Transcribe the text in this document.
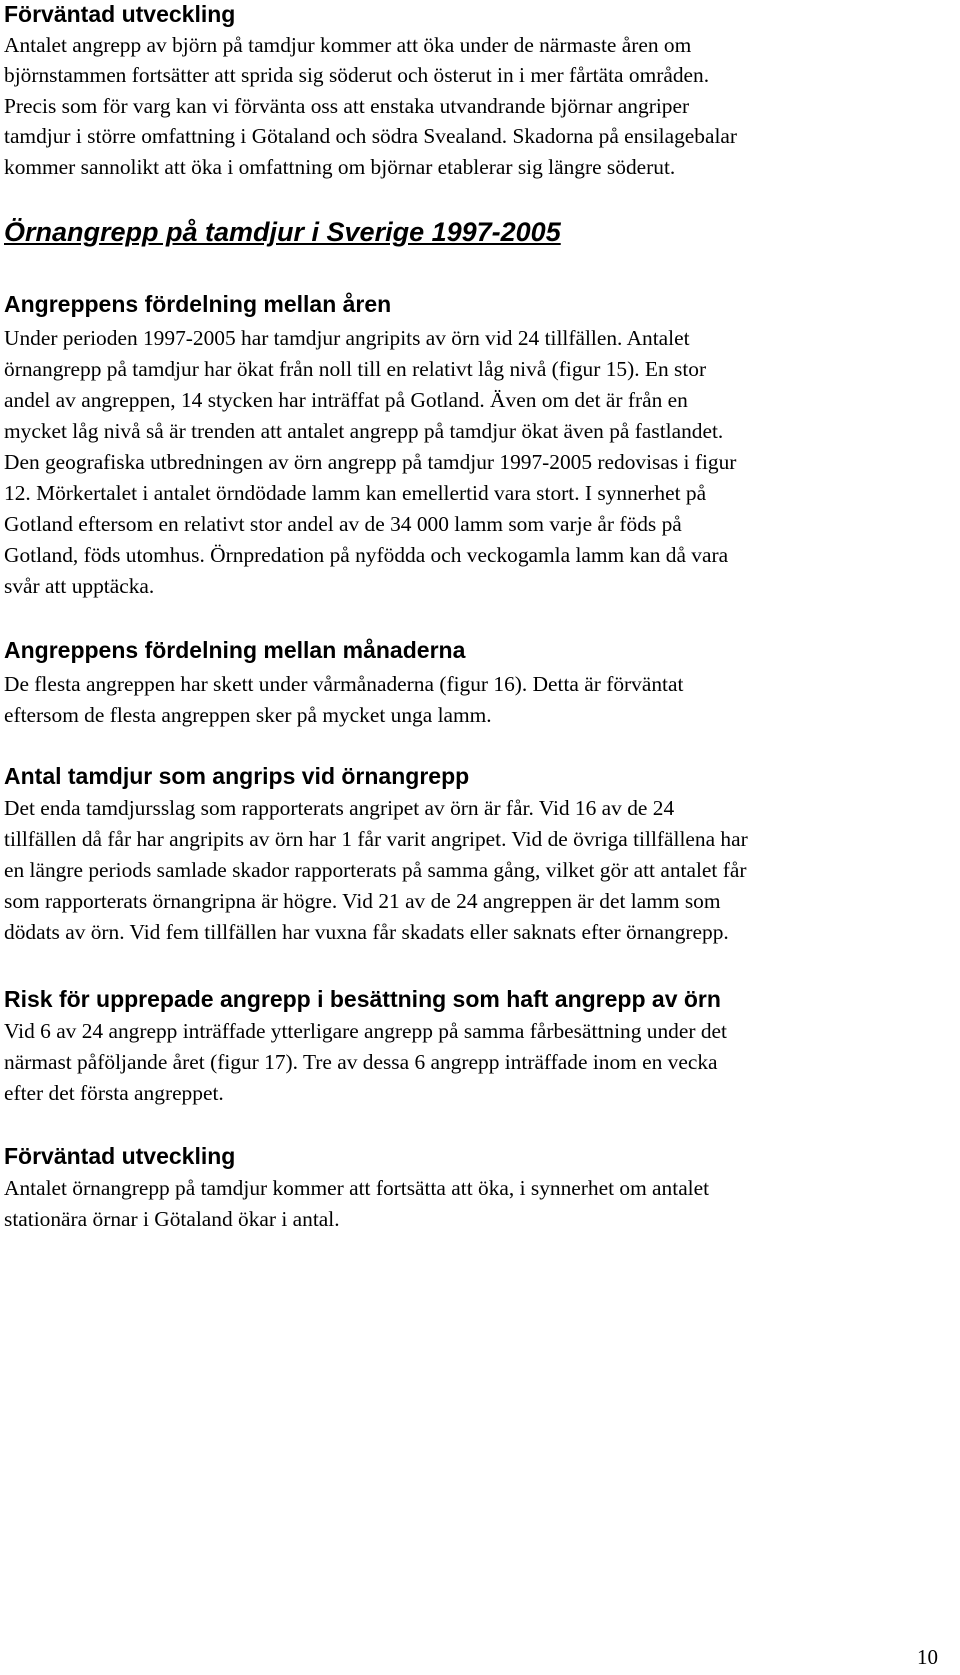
Förväntad utveckling
Antalet angrepp av björn på tamdjur kommer att öka under de närmaste åren om
björnstammen fortsätter att sprida sig söderut och österut in i mer fårtäta områden.
Precis som för varg kan vi förvänta oss att enstaka utvandrande björnar angriper
tamdjur i större omfattning i Götaland och södra Svealand. Skadorna på ensilagebalar
kommer sannolikt att öka i omfattning om björnar etablerar sig längre söderut.
Örnangrepp på tamdjur i Sverige 1997-2005
Angreppens fördelning mellan åren
Under perioden 1997-2005 har tamdjur angripits av örn vid 24 tillfällen. Antalet
örnangrepp på tamdjur har ökat från noll till en relativt låg nivå (figur 15). En stor
andel av angreppen, 14 stycken har inträffat på Gotland. Även om det är från en
mycket låg nivå så är trenden att antalet angrepp på tamdjur ökat även på fastlandet.
Den geografiska utbredningen av örn angrepp på tamdjur 1997-2005 redovisas i figur
12. Mörkertalet i antalet örndödade lamm kan emellertid vara stort. I synnerhet på
Gotland eftersom en relativt stor andel av de 34 000 lamm som varje år föds på
Gotland, föds utomhus. Örnpredation på nyfödda och veckogamla lamm kan då vara
svår att upptäcka.
Angreppens fördelning mellan månaderna
De flesta angreppen har skett under vårmånaderna (figur 16). Detta är förväntat
eftersom de flesta angreppen sker på mycket unga lamm.
Antal tamdjur som angrips vid örnangrepp
Det enda tamdjursslag som rapporterats angripet av örn är får. Vid 16 av de 24
tillfällen då får har angripits av örn har 1 får varit angripet. Vid de övriga tillfällena har
en längre periods samlade skador rapporterats på samma gång, vilket gör att antalet får
som rapporterats örnangripna är högre. Vid 21 av de 24 angreppen är det lamm som
dödats av örn. Vid fem tillfällen har vuxna får skadats eller saknats efter örnangrepp.
Risk för upprepade angrepp i besättning som haft angrepp av örn
Vid 6 av 24 angrepp inträffade ytterligare angrepp på samma fårbesättning under det
närmast påföljande året (figur 17). Tre av dessa 6 angrepp inträffade inom en vecka
efter det första angreppet.
Förväntad utveckling
Antalet örnangrepp på tamdjur kommer att fortsätta att öka, i synnerhet om antalet
stationära örnar i Götaland ökar i antal.
10
